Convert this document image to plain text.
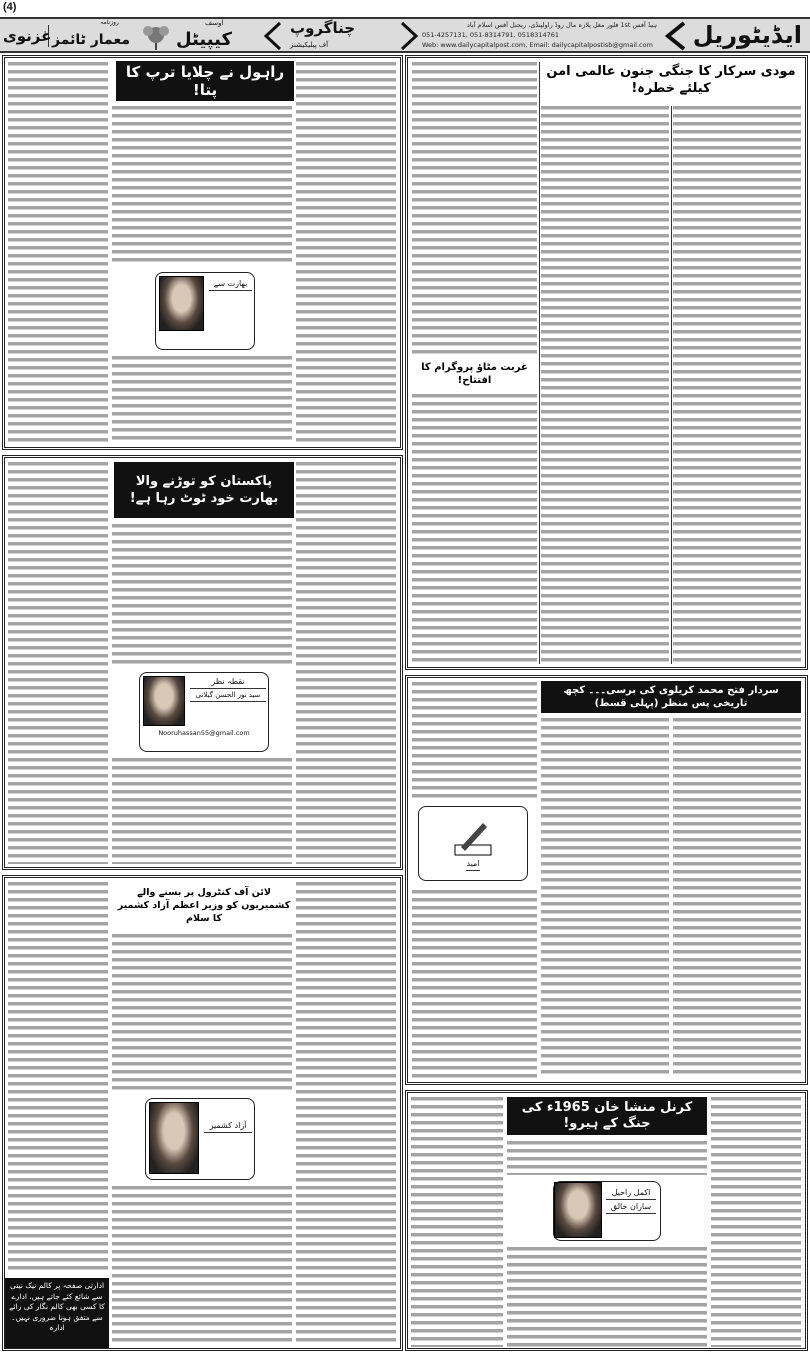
(4)
ایڈیٹوریل
ہیڈ آفس 1st فلور مغل پلازہ مال روڈ راولپنڈی، ریجنل آفس اسلام آباد
051-4257131, 051-8314791, 0518314761
Web: www.dailycapitalpost.com, Email: dailycapitalpostisb@gmail.com
چناگروپ
آف پبلیکیشنز
اوسف
کیپیٹل
روزنامہ
معمار ٹائمز
غزنوی
مودی سرکار کا جنگی جنون عالمی امن کیلئے خطرہ!
غربت مٹاؤ پروگرام کا افتتاح!
سردار فتح محمد کریلوی کی برسی۔۔۔ کچھ تاریخی پس منظر (پہلی قسط)
امید
کرنل منشا خان 1965ء کی جنگ کے ہیرو!
اکمل راحیل
ساران خالق
راہول نے چلایا ترپ کا پتا!
بھارت سے
پاکستان کو توڑنے والا بھارت خود ٹوٹ رہا ہے!
نقطہ نظر
سید نور الحسن گیلانی
Nooruhassan55@gmail.com
لائن آف کنٹرول پر بسنے والے کشمیریوں کو وزیر اعظم آزاد کشمیر کا سلام
آزاد کشمیر
ادارتی صفحہ پر کالم نیک نیتی سے شائع کئے جاتے ہیں، ادارے کا کسی بھی کالم نگار کی رائے سے متفق ہونا ضروری نہیں۔ ادارہ
